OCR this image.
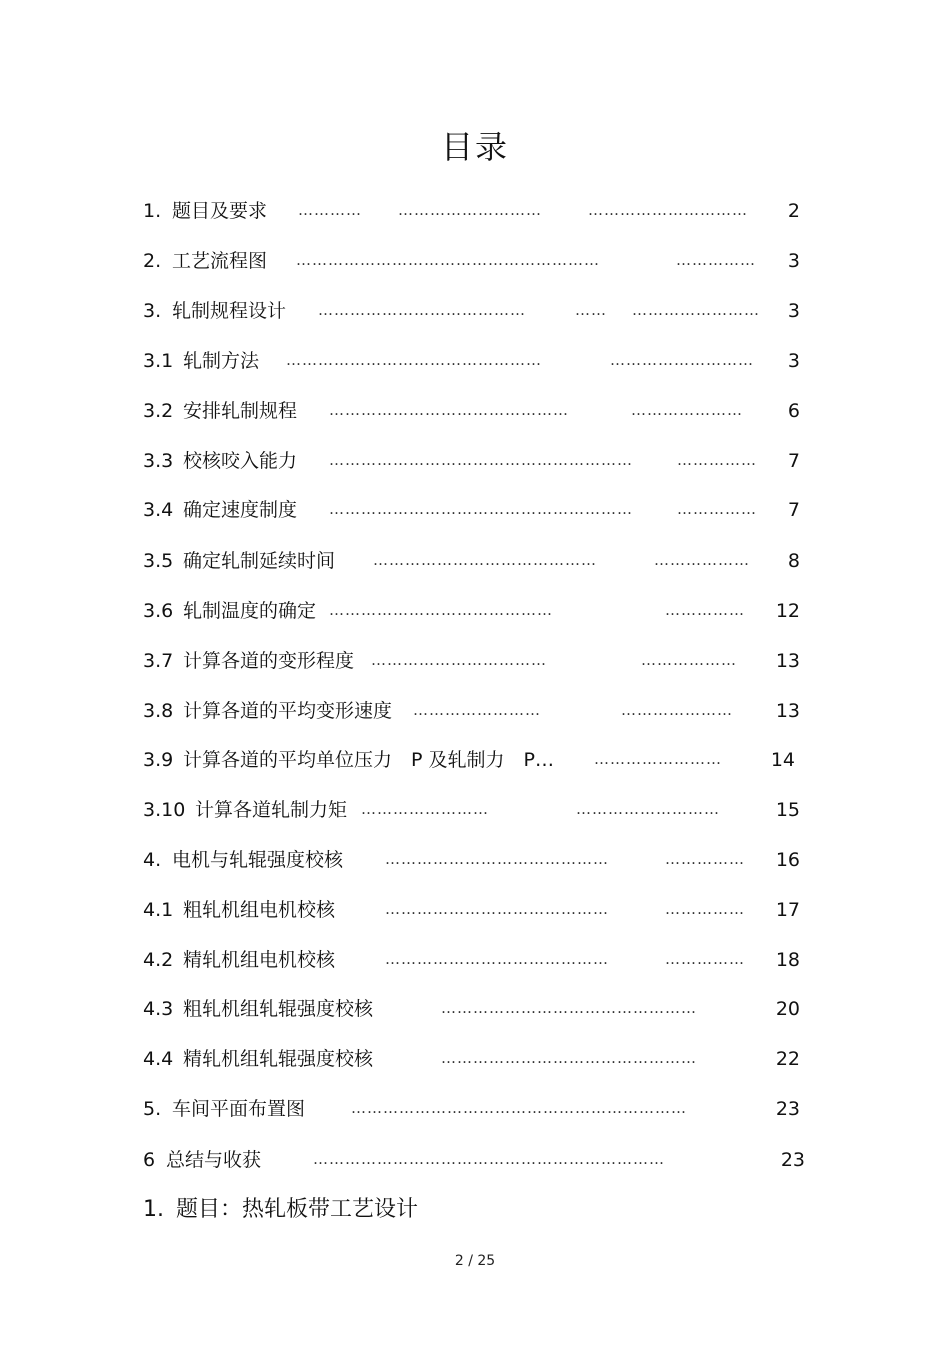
目录
1. 题目及要求 …………	………………………	…………………………	2
2. 工艺流程图 …………………………………………………	……………	3
3. 轧制规程设计 …………………………………	……	……………………	3
3.1 轧制方法 …………………………………………	………………………	3
3.2 安排轧制规程 ………………………………………	…………………	6
3.3 校核咬入能力 …………………………………………………	……………	7
3.4 确定速度制度 …………………………………………………	……………	7
3.5 确定轧制延续时间	……………………………………	………………	8
3.6 轧制温度的确定 ……………………………………	……………	12
3.7 计算各道的变形程度 ……………………………	………………	13
3.8 计算各道的平均变形速度 ……………………	…………………	13
3.9 计算各道的平均单位压力　P 及轧制力　P…	……………………	14
3.10 计算各道轧制力矩 ……………………	………………………	15
4. 电机与轧辊强度校核	……………………………………	……………	16
4.1 粗轧机组电机校核	……………………………………	……………	17
4.2 精轧机组电机校核	……………………………………	……………	18
4.3 粗轧机组轧辊强度校核	…………………………………………	20
4.4 精轧机组轧辊强度校核	…………………………………………	22
5. 车间平面布置图	………………………………………………………	23
6 总结与收获	…………………………………………………………	23
1. 题目：热轧板带工艺设计
2 / 25
